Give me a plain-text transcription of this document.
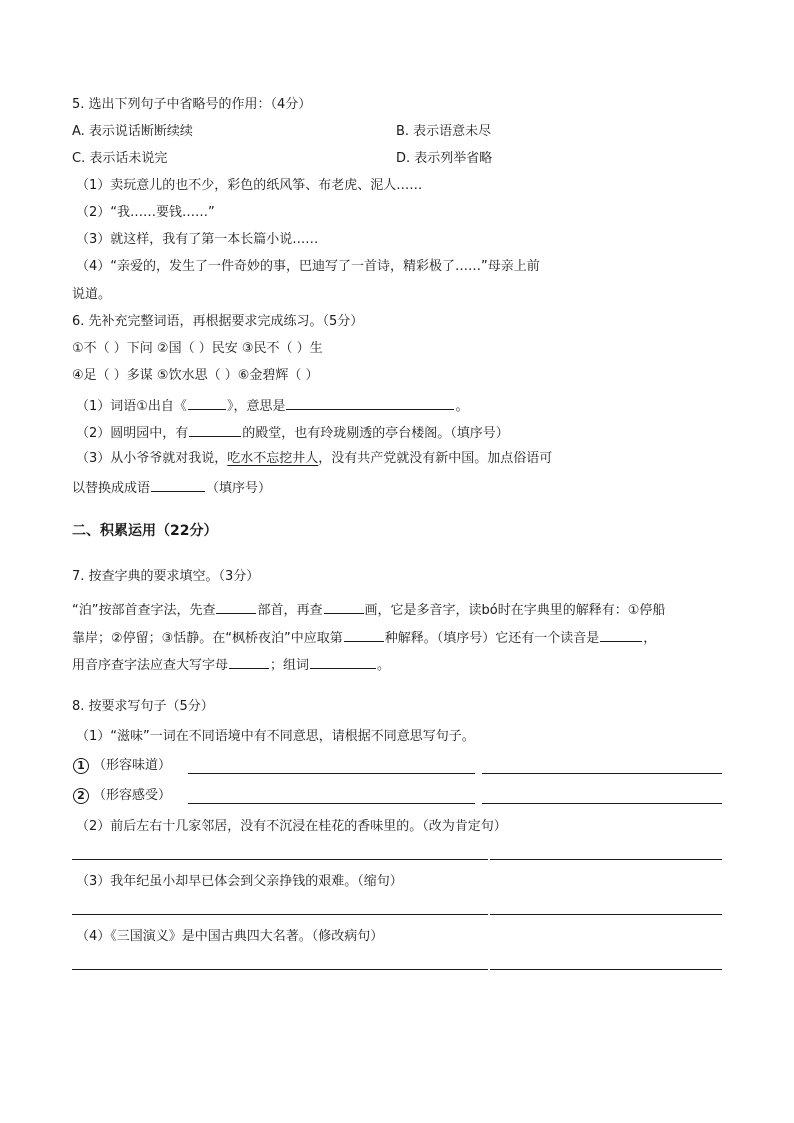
5. 选出下列句子中省略号的作用：（4分）
A. 表示说话断断续续	B. 表示语意未尽
C. 表示话未说完	D. 表示列举省略
（1）卖玩意儿的也不少，彩色的纸风筝、布老虎、泥人……
（2）“我……要钱……”
（3）就这样，我有了第一本长篇小说……
（4）“亲爱的，发生了一件奇妙的事，巴迪写了一首诗，精彩极了……”母亲上前
说道。
6. 先补充完整词语，再根据要求完成练习。（5分）
①不（ ）下问 ②国（ ）民安 ③民不（ ）生
④足（ ）多谋 ⑤饮水思（ ）⑥金碧辉（ ）
（1）词语①出自《	》，意思是	。
（2）圆明园中，有	的殿堂，也有玲珑剔透的亭台楼阁。（填序号）
（3）从小爷爷就对我说，吃水不忘挖井人，没有共产党就没有新中国。加点俗语可
以替换成成语	（填序号）
二、积累运用（22分）
7. 按查字典的要求填空。（3分）
“泊”按部首查字法，先查	部首，再查	画，它是多音字，读bó时在字典里的解释有：①停船
靠岸；②停留；③恬静。在“枫桥夜泊”中应取第	种解释。（填序号）它还有一个读音是	，
用音序查字法应查大写字母	；组词	。
8. 按要求写句子（5分）
（1）“滋味”一词在不同语境中有不同意思，请根据不同意思写句子。
1 （形容味道）
2 （形容感受）
（2）前后左右十几家邻居，没有不沉浸在桂花的香味里的。（改为肯定句）
（3）我年纪虽小却早已体会到父亲挣钱的艰难。（缩句）
（4）《三国演义》是中国古典四大名著。（修改病句）
